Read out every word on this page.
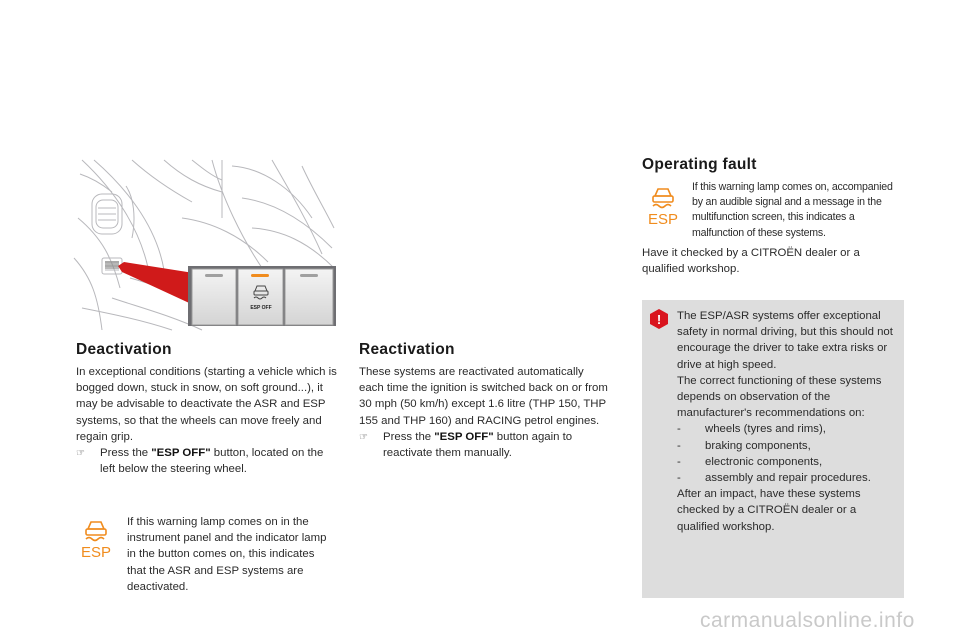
ESP OFF
Deactivation

In exceptional conditions (starting a vehicle which is bogged down, stuck in snow, on soft ground...), it may be advisable to deactivate the ASR and ESP systems, so that the wheels can move freely and regain grip.

☞	Press the "ESP OFF" button, located on the left below the steering wheel.
ESP
If this warning lamp comes on in the instrument panel and the indicator lamp in the button comes on, this indicates that the ASR and ESP systems are deactivated.
Reactivation

These systems are reactivated automatically each time the ignition is switched back on or from 30 mph (50 km/h) except 1.6 litre (THP 150, THP 155 and THP 160) and RACING petrol engines.

☞	Press the "ESP OFF" button again to reactivate them manually.
Operating fault
ESP
If this warning lamp comes on, accompanied by an audible signal and a message in the multifunction screen, this indicates a malfunction of these systems.
Have it checked by a CITROËN dealer or a qualified workshop.
! The ESP/ASR systems offer exceptional safety in normal driving, but this should not encourage the driver to take extra risks or drive at high speed.

The correct functioning of these systems depends on observation of the manufacturer's recommendations on:

-	wheels (tyres and rims),
-	braking components,
-	electronic components,
-	assembly and repair procedures.

After an impact, have these systems checked by a CITROËN dealer or a qualified workshop.

carmanualsonline.info
